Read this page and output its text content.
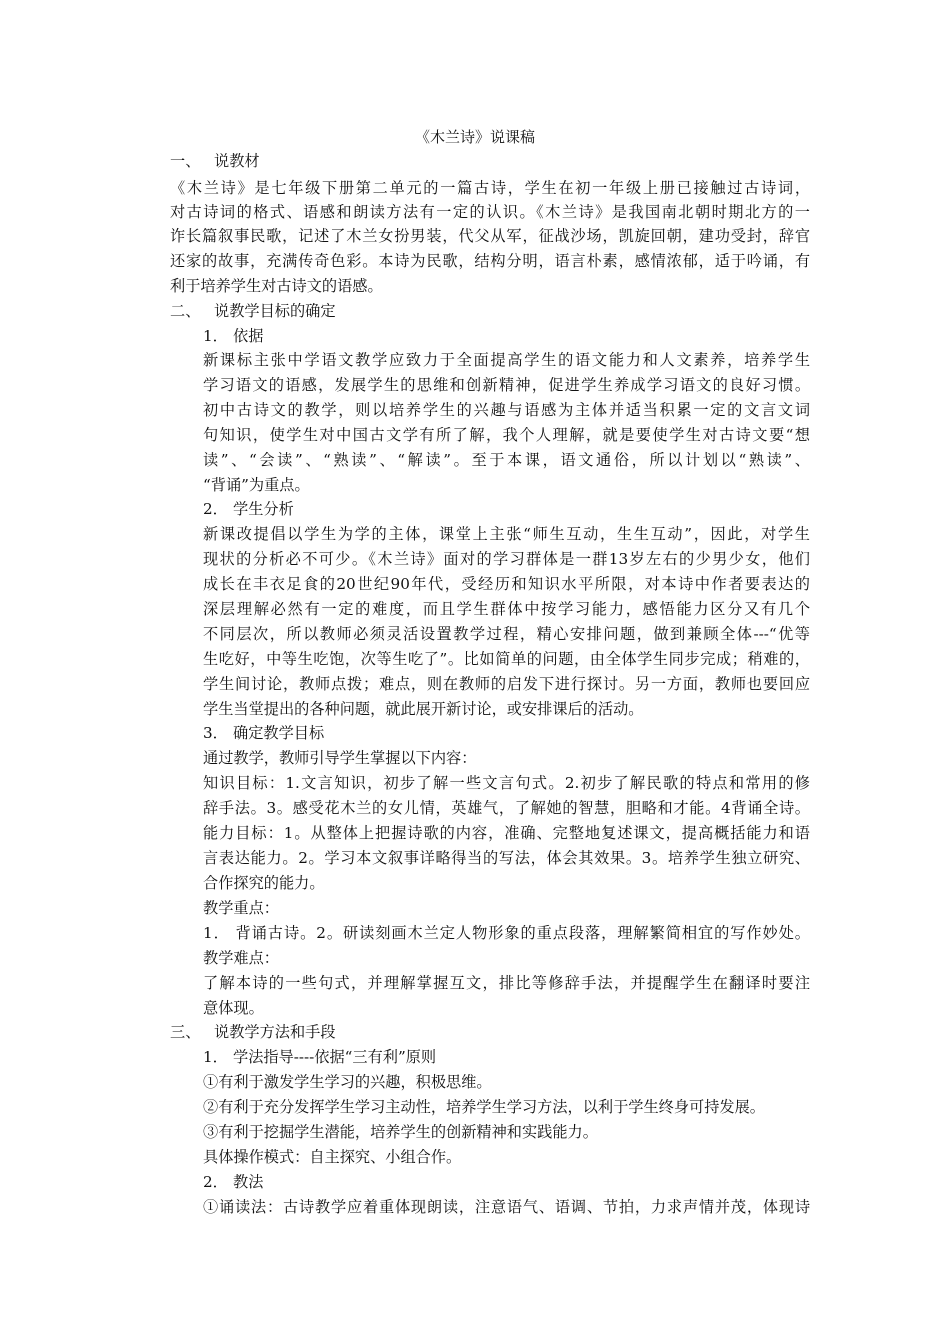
《木兰诗》说课稿
一、 说教材
《木兰诗》是七年级下册第二单元的一篇古诗，学生在初一年级上册已接触过古诗词，
对古诗词的格式、语感和朗读方法有一定的认识。《木兰诗》是我国南北朝时期北方的一
诈长篇叙事民歌，记述了木兰女扮男装，代父从军，征战沙场，凯旋回朝，建功受封，辞官
还家的故事，充满传奇色彩。本诗为民歌，结构分明，语言朴素，感情浓郁，适于吟诵，有
利于培养学生对古诗文的语感。
二、 说教学目标的确定
1． 依据
新课标主张中学语文教学应致力于全面提高学生的语文能力和人文素养，培养学生
学习语文的语感，发展学生的思维和创新精神，促进学生养成学习语文的良好习惯。
初中古诗文的教学，则以培养学生的兴趣与语感为主体并适当积累一定的文言文词
句知识，使学生对中国古文学有所了解，我个人理解，就是要使学生对古诗文要“想
读”、“会读”、“熟读”、“解读”。至于本课，语文通俗，所以计划以“熟读”、
“背诵”为重点。
2． 学生分析
新课改提倡以学生为学的主体，课堂上主张“师生互动，生生互动”，因此，对学生
现状的分析必不可少。《木兰诗》面对的学习群体是一群13岁左右的少男少女，他们
成长在丰衣足食的20世纪90年代，受经历和知识水平所限，对本诗中作者要表达的
深层理解必然有一定的难度，而且学生群体中按学习能力，感悟能力区分又有几个
不同层次，所以教师必须灵活设置教学过程，精心安排问题，做到兼顾全体---“优等
生吃好，中等生吃饱，次等生吃了”。比如简单的问题，由全体学生同步完成；稍难的，
学生间讨论，教师点拨；难点，则在教师的启发下进行探讨。另一方面，教师也要回应
学生当堂提出的各种问题，就此展开新讨论，或安排课后的活动。
3． 确定教学目标
通过教学，教师引导学生掌握以下内容：
知识目标：1.文言知识，初步了解一些文言句式。2.初步了解民歌的特点和常用的修
辞手法。3。感受花木兰的女儿情，英雄气，了解她的智慧，胆略和才能。4背诵全诗。
能力目标：1。从整体上把握诗歌的内容，准确、完整地复述课文，提高概括能力和语
言表达能力。2。学习本文叙事详略得当的写法，体会其效果。3。培养学生独立研究、
合作探究的能力。
教学重点：
1． 背诵古诗。2。研读刻画木兰定人物形象的重点段落，理解繁简相宜的写作妙处。
教学难点：
了解本诗的一些句式，并理解掌握互文，排比等修辞手法，并提醒学生在翻译时要注
意体现。
三、 说教学方法和手段
1． 学法指导----依据“三有利”原则
①有利于激发学生学习的兴趣，积极思维。
②有利于充分发挥学生学习主动性，培养学生学习方法，以利于学生终身可持发展。
③有利于挖掘学生潜能，培养学生的创新精神和实践能力。
具体操作模式：自主探究、小组合作。
2． 教法
①诵读法：古诗教学应着重体现朗读，注意语气、语调、节拍，力求声情并茂，体现诗
